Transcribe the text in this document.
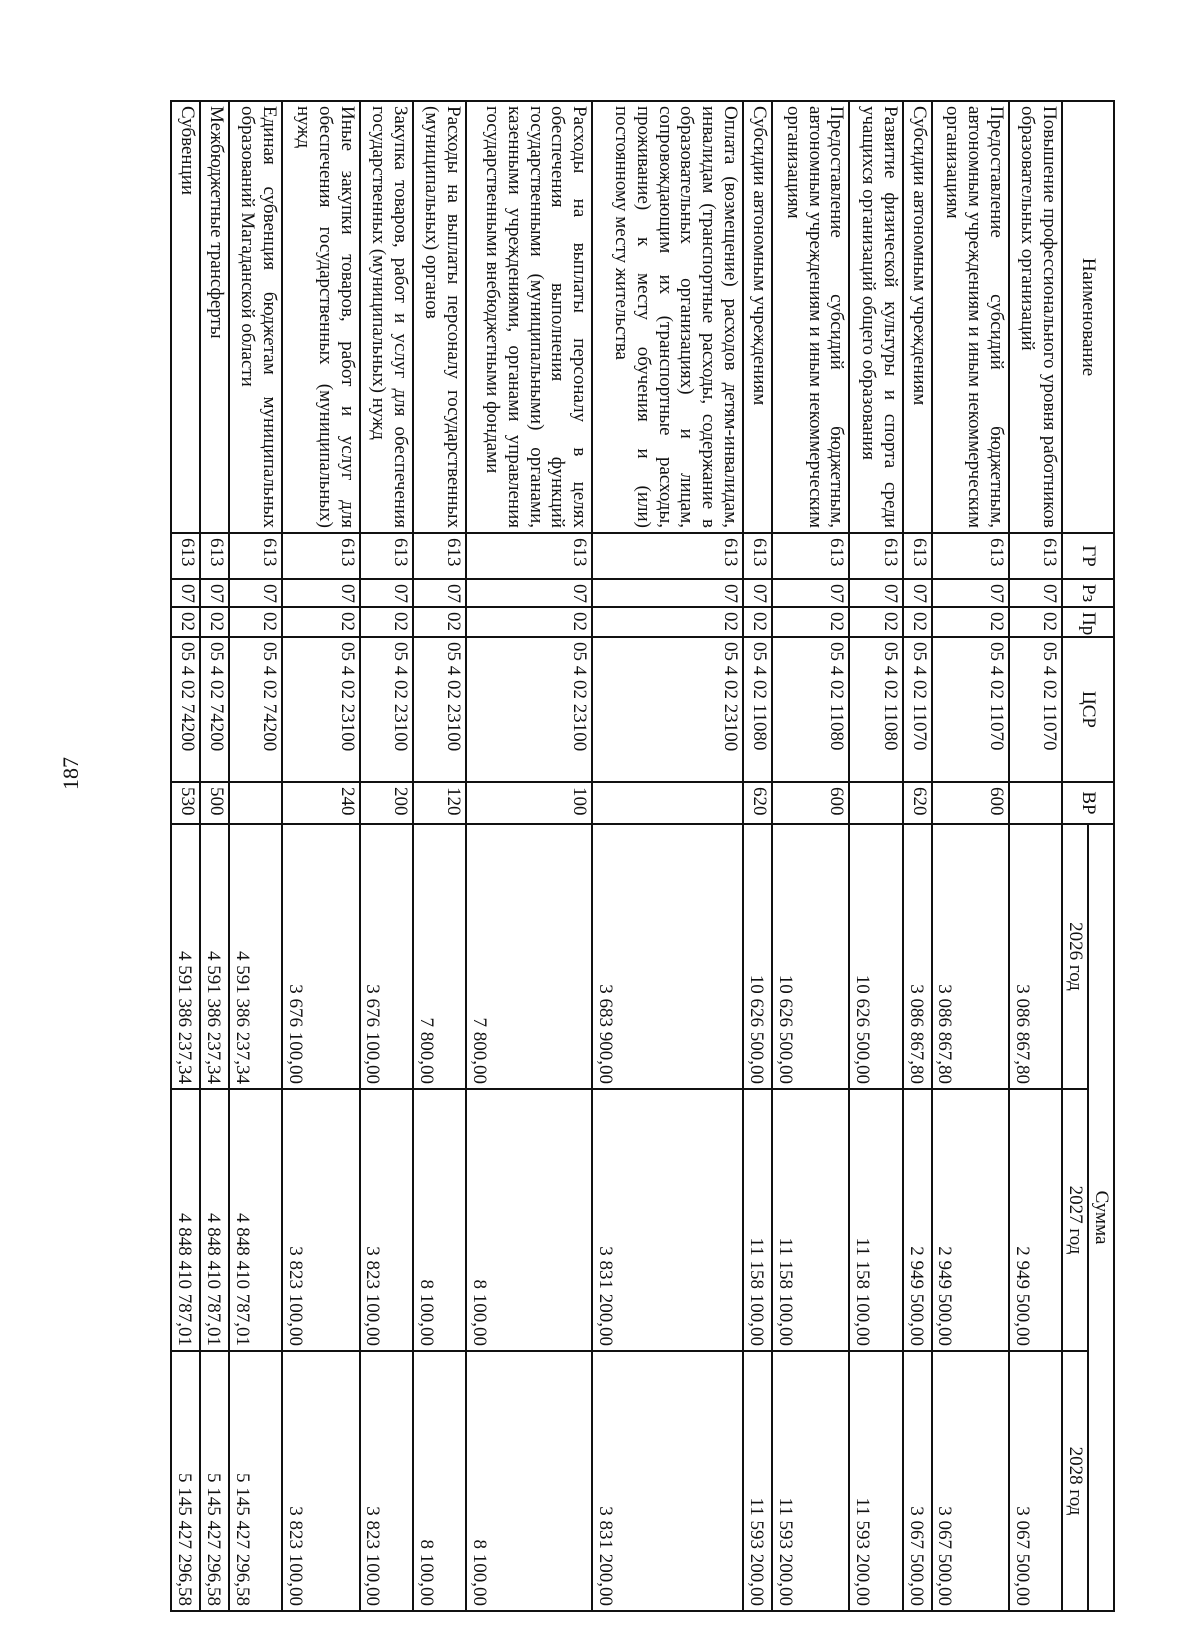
187
Наименование	ГР	Рз	Пр	ЦСР	ВР	Сумма		
						2026 год	2027 год	2028 год
Повышение профессионального уровня работников образовательных организаций	613	07	02	05 4 02 11070		3 086 867,80	2 949 500,00	3 067 500,00
Предоставление субсидий бюджетным, автономным учреждениям и иным некоммерческим организациям	613	07	02	05 4 02 11070	600	3 086 867,80	2 949 500,00	3 067 500,00
Субсидии автономным учреждениям	613	07	02	05 4 02 11070	620	3 086 867,80	2 949 500,00	3 067 500,00
Развитие физической культуры и спорта среди учащихся организаций общего образования	613	07	02	05 4 02 11080		10 626 500,00	11 158 100,00	11 593 200,00
Предоставление субсидий бюджетным, автономным учреждениям и иным некоммерческим организациям	613	07	02	05 4 02 11080	600	10 626 500,00	11 158 100,00	11 593 200,00
Субсидии автономным учреждениям	613	07	02	05 4 02 11080	620	10 626 500,00	11 158 100,00	11 593 200,00
Оплата (возмещение) расходов детям-инвалидам, инвалидам (транспортные расходы, содержание в образовательных организациях) и лицам, сопровождающим их (транспортные расходы, проживание) к месту обучения и (или) постоянному месту жительства	613	07	02	05 4 02 23100		3 683 900,00	3 831 200,00	3 831 200,00
Расходы на выплаты персоналу в целях обеспечения выполнения функций государственными (муниципальными) органами, казенными учреждениями, органами управления государственными внебюджетными фондами	613	07	02	05 4 02 23100	100	7 800,00	8 100,00	8 100,00
Расходы на выплаты персоналу государственных (муниципальных) органов	613	07	02	05 4 02 23100	120	7 800,00	8 100,00	8 100,00
Закупка товаров, работ и услуг для обеспечения государственных (муниципальных) нужд	613	07	02	05 4 02 23100	200	3 676 100,00	3 823 100,00	3 823 100,00
Иные закупки товаров, работ и услуг для обеспечения государственных (муниципальных) нужд	613	07	02	05 4 02 23100	240	3 676 100,00	3 823 100,00	3 823 100,00
Единая субвенция бюджетам муниципальных образований Магаданской области	613	07	02	05 4 02 74200		4 591 386 237,34	4 848 410 787,01	5 145 427 296,58
Межбюджетные трансферты	613	07	02	05 4 02 74200	500	4 591 386 237,34	4 848 410 787,01	5 145 427 296,58
Субвенции	613	07	02	05 4 02 74200	530	4 591 386 237,34	4 848 410 787,01	5 145 427 296,58
